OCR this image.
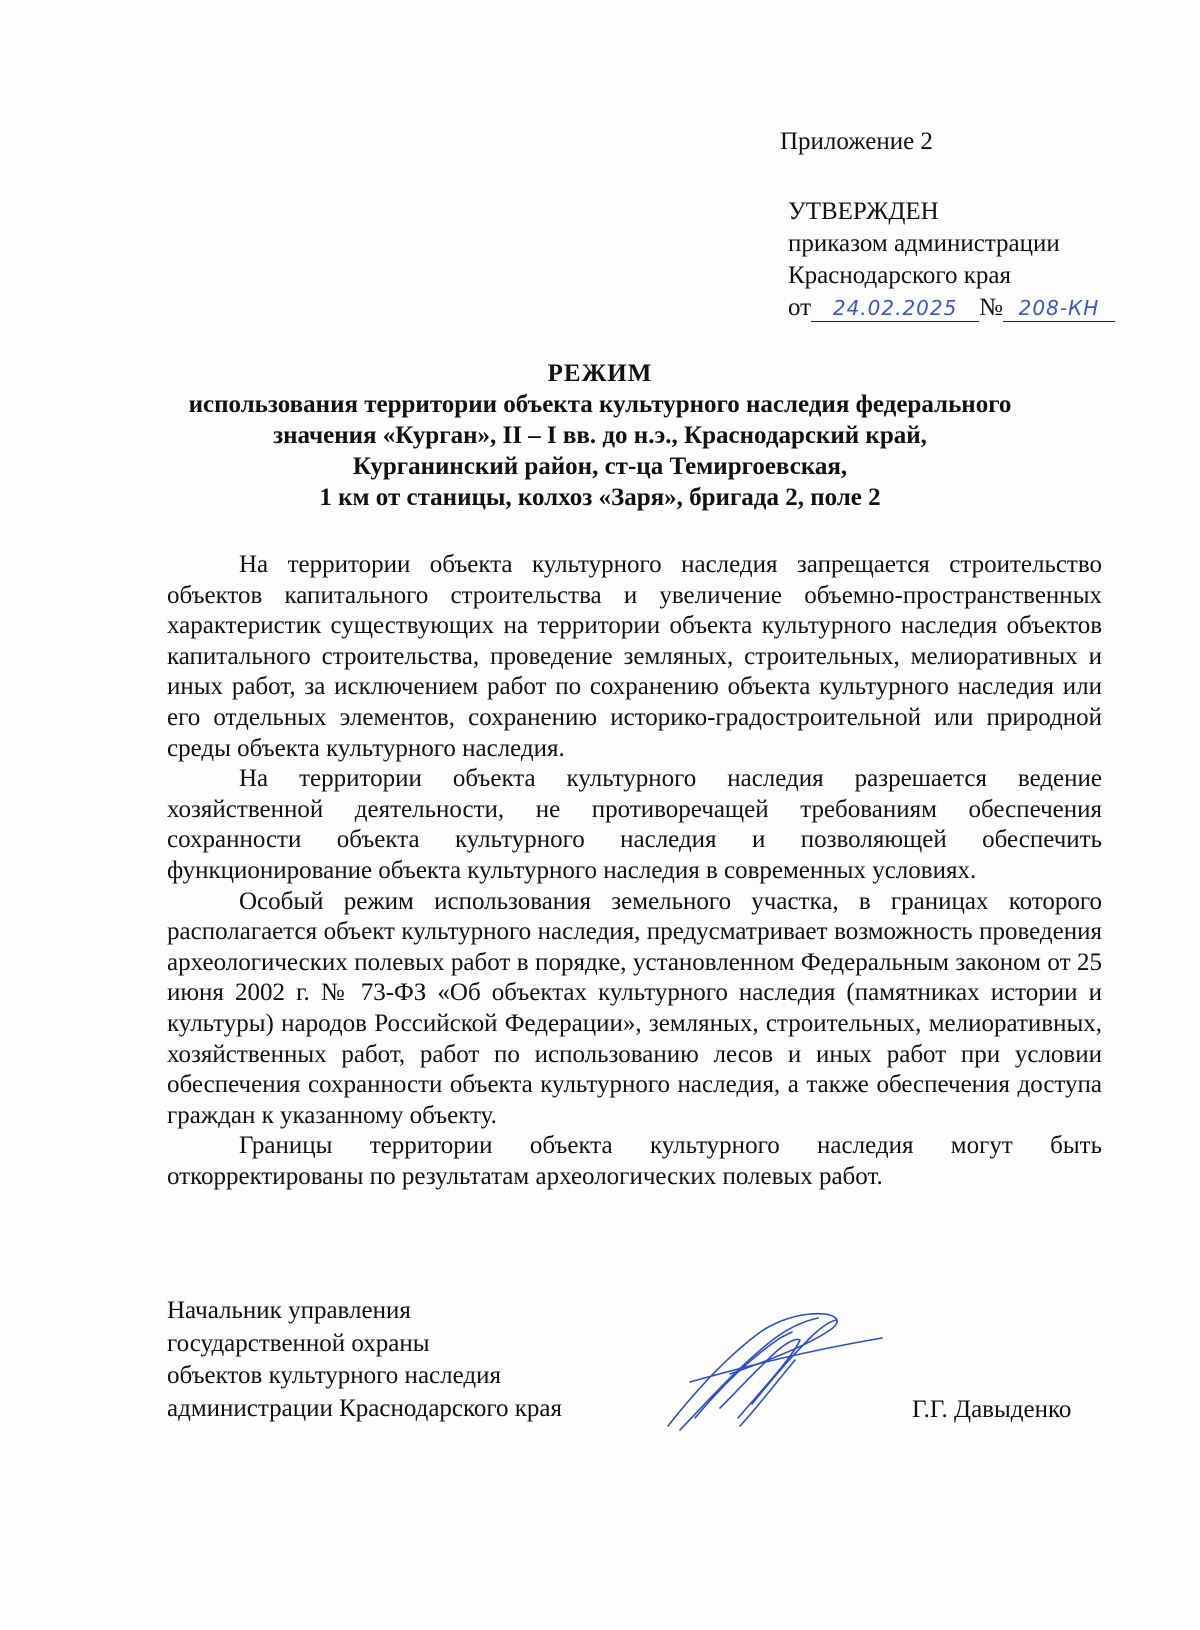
Приложение 2
УТВЕРЖДЕН
приказом администрации
Краснодарского края
от 24.02.2025 № 208-КН
РЕЖИМ
использования территории объекта культурного наследия федерального
значения «Курган», II – I вв. до н.э., Краснодарский край,
Курганинский район, ст-ца Темиргоевская,
1 км от станицы, колхоз «Заря», бригада 2, поле 2

На территории объекта культурного наследия запрещается строительство объектов капитального строительства и увеличение объемно-пространственных характеристик существующих на территории объекта культурного наследия объектов капитального строительства, проведение земляных, строительных, мелиоративных и иных работ, за исключением работ по сохранению объекта культурного наследия или его отдельных элементов, сохранению историко-градостроительной или природной среды объекта культурного наследия.

На территории объекта культурного наследия разрешается ведение хозяйственной деятельности, не противоречащей требованиям обеспечения сохранности объекта культурного наследия и позволяющей обеспечить функционирование объекта культурного наследия в современных условиях.

Особый режим использования земельного участка, в границах которого располагается объект культурного наследия, предусматривает возможность проведения археологических полевых работ в порядке, установленном Федеральным законом от 25 июня 2002 г. № 73-ФЗ «Об объектах культурного наследия (памятниках истории и культуры) народов Российской Федерации», земляных, строительных, мелиоративных, хозяйственных работ, работ по использованию лесов и иных работ при условии обеспечения сохранности объекта культурного наследия, а также обеспечения доступа граждан к указанному объекту.

Границы территории объекта культурного наследия могут быть откорректированы по результатам археологических полевых работ.

Начальник управления
государственной охраны
объектов культурного наследия
администрации Краснодарского края	Г.Г. Давыденко
